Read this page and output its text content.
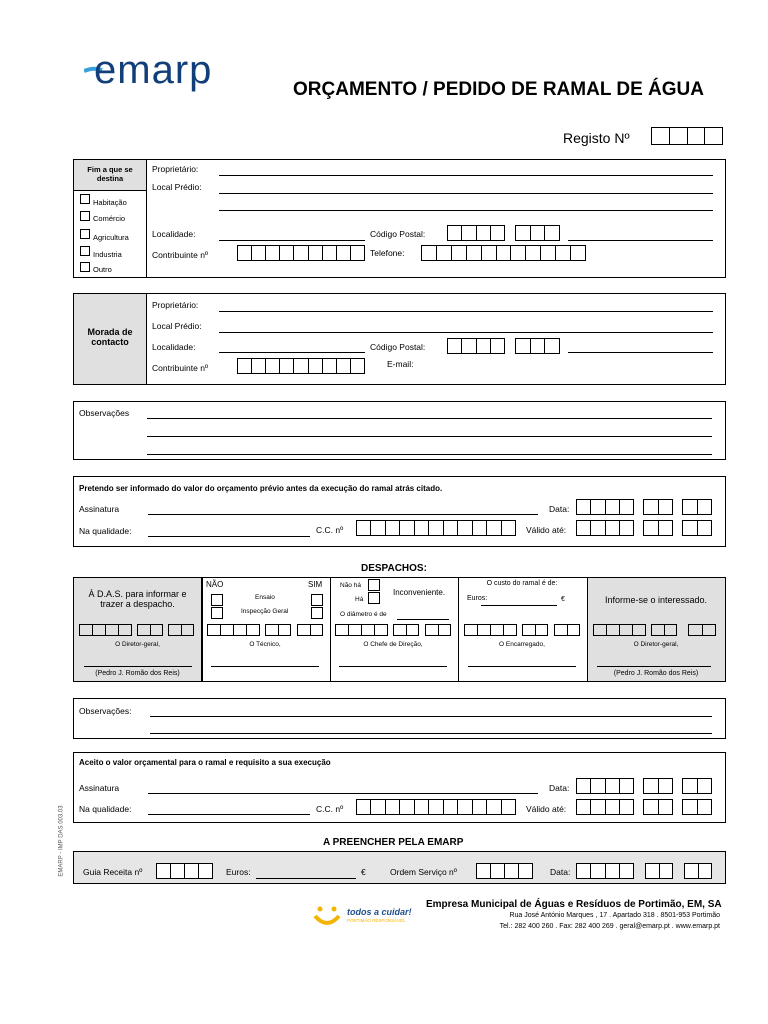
emarp	ORÇAMENTO / PEDIDO DE RAMAL DE ÁGUA
Registo Nº
Fim a que se destina
Habitação
Comércio
Agricultura
Industria
Outro
Proprietário:
Local Prédio:
Localidade:	Código Postal:
Contribuinte nº	Telefone:
Morada de contacto
Proprietário:
Local Prédio:
Localidade:	Código Postal:
Contribuinte nº	E-mail:
Observações
Pretendo ser informado do valor do orçamento prévio antes da execução do ramal atrás citado.
Assinatura	Data:
Na qualidade:	C.C. nº	Válido até:
DESPACHOS:
À D.A.S. para informar e trazer a despacho.
O Diretor-geral,
(Pedro J. Romão dos Reis)
NÃO	SIM
Ensaio
Inspecção Geral
O Técnico,
Não há
Há
Inconveniente.
O diâmetro é de
O Chefe de Direção,
O custo do ramal é de:
Euros:	€
O Encarregado,
Informe-se o interessado.
O Diretor-geral,
(Pedro J. Romão dos Reis)
Observações:
Aceito o valor orçamental para o ramal e requisito a sua execução
Assinatura	Data:
Na qualidade:	C.C. nº	Válido até:
A PREENCHER PELA EMARP
Guia Receita nº	Euros:	€	Ordem Serviço nº	Data:
EMARP - IMP DAS 003.03
todos a cuidar!
PORTIMÃO RESPONSÁVEL
Empresa Municipal de Águas e Resíduos de Portimão, EM, SA
Rua José António Marques , 17 . Apartado 318 . 8501-953 Portimão
Tel.: 282 400 260 . Fax: 282 400 269 . geral@emarp.pt . www.emarp.pt
